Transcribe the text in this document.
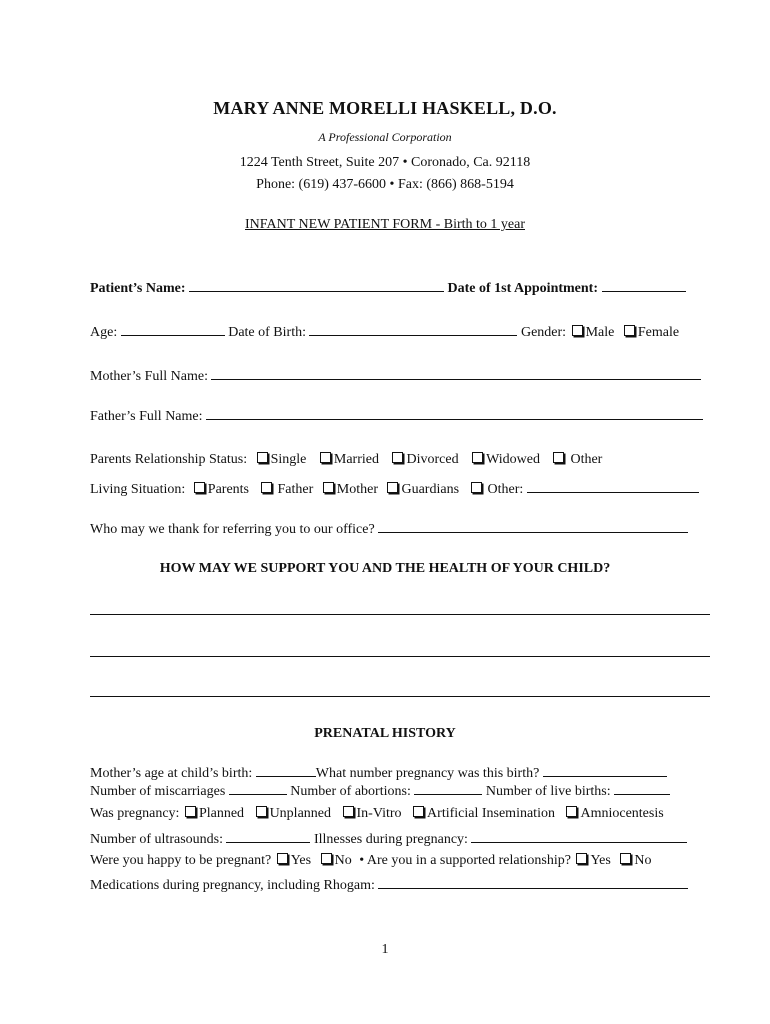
MARY ANNE MORELLI HASKELL, D.O.
A Professional Corporation
1224 Tenth Street, Suite 207 • Coronado, Ca. 92118
Phone: (619) 437-6600 • Fax: (866) 868-5194
INFANT NEW PATIENT FORM - Birth to 1 year
Patient’s Name:	Date of 1st Appointment:
Age:	Date of Birth:	Gender: Male Female
Mother’s Full Name:
Father’s Full Name:
Parents Relationship Status: Single Married Divorced Widowed Other
Living Situation: Parents Father Mother Guardians Other:
Who may we thank for referring you to our office?
HOW MAY WE SUPPORT YOU AND THE HEALTH OF YOUR CHILD?
PRENATAL HISTORY
Mother’s age at child’s birth:	What number pregnancy was this birth?
Number of miscarriages	Number of abortions:	Number of live births:
Was pregnancy: Planned Unplanned In-Vitro Artificial Insemination Amniocentesis
Number of ultrasounds:	Illnesses during pregnancy:
Were you happy to be pregnant? Yes No • Are you in a supported relationship? Yes No
Medications during pregnancy, including Rhogam:
1
